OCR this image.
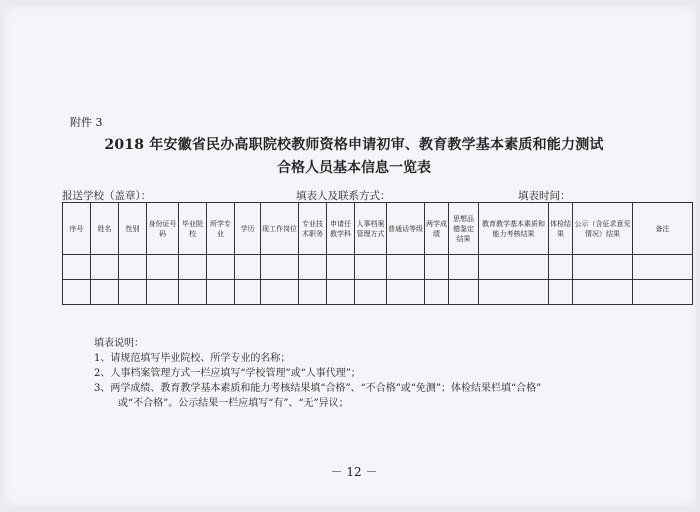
附件 3
2018 年安徽省民办高职院校教师资格申请初审、教育教学基本素质和能力测试
合格人员基本信息一览表
报送学校（盖章）：	填表人及联系方式：	填表时间：
序号	姓名	性别	身份证号码	毕业院校	所学专业	学历	现工作岗位	专业技术职务	申请任教学科	人事档案管理方式	普通话等级	两学成绩	思想品德鉴定结果	教育教学基本素质和能力考核结果	体检结果	公示（含征求意见情况）结果	备注

填表说明：
1、请规范填写毕业院校、所学专业的名称；
2、人事档案管理方式一栏应填写“学校管理”或“人事代理”；
3、两学成绩、教育教学基本素质和能力考核结果填“合格”、“不合格”或“免测”；体检结果栏填“合格”
或“不合格”。公示结果一栏应填写“有”、“无”异议；
－ 12 －
